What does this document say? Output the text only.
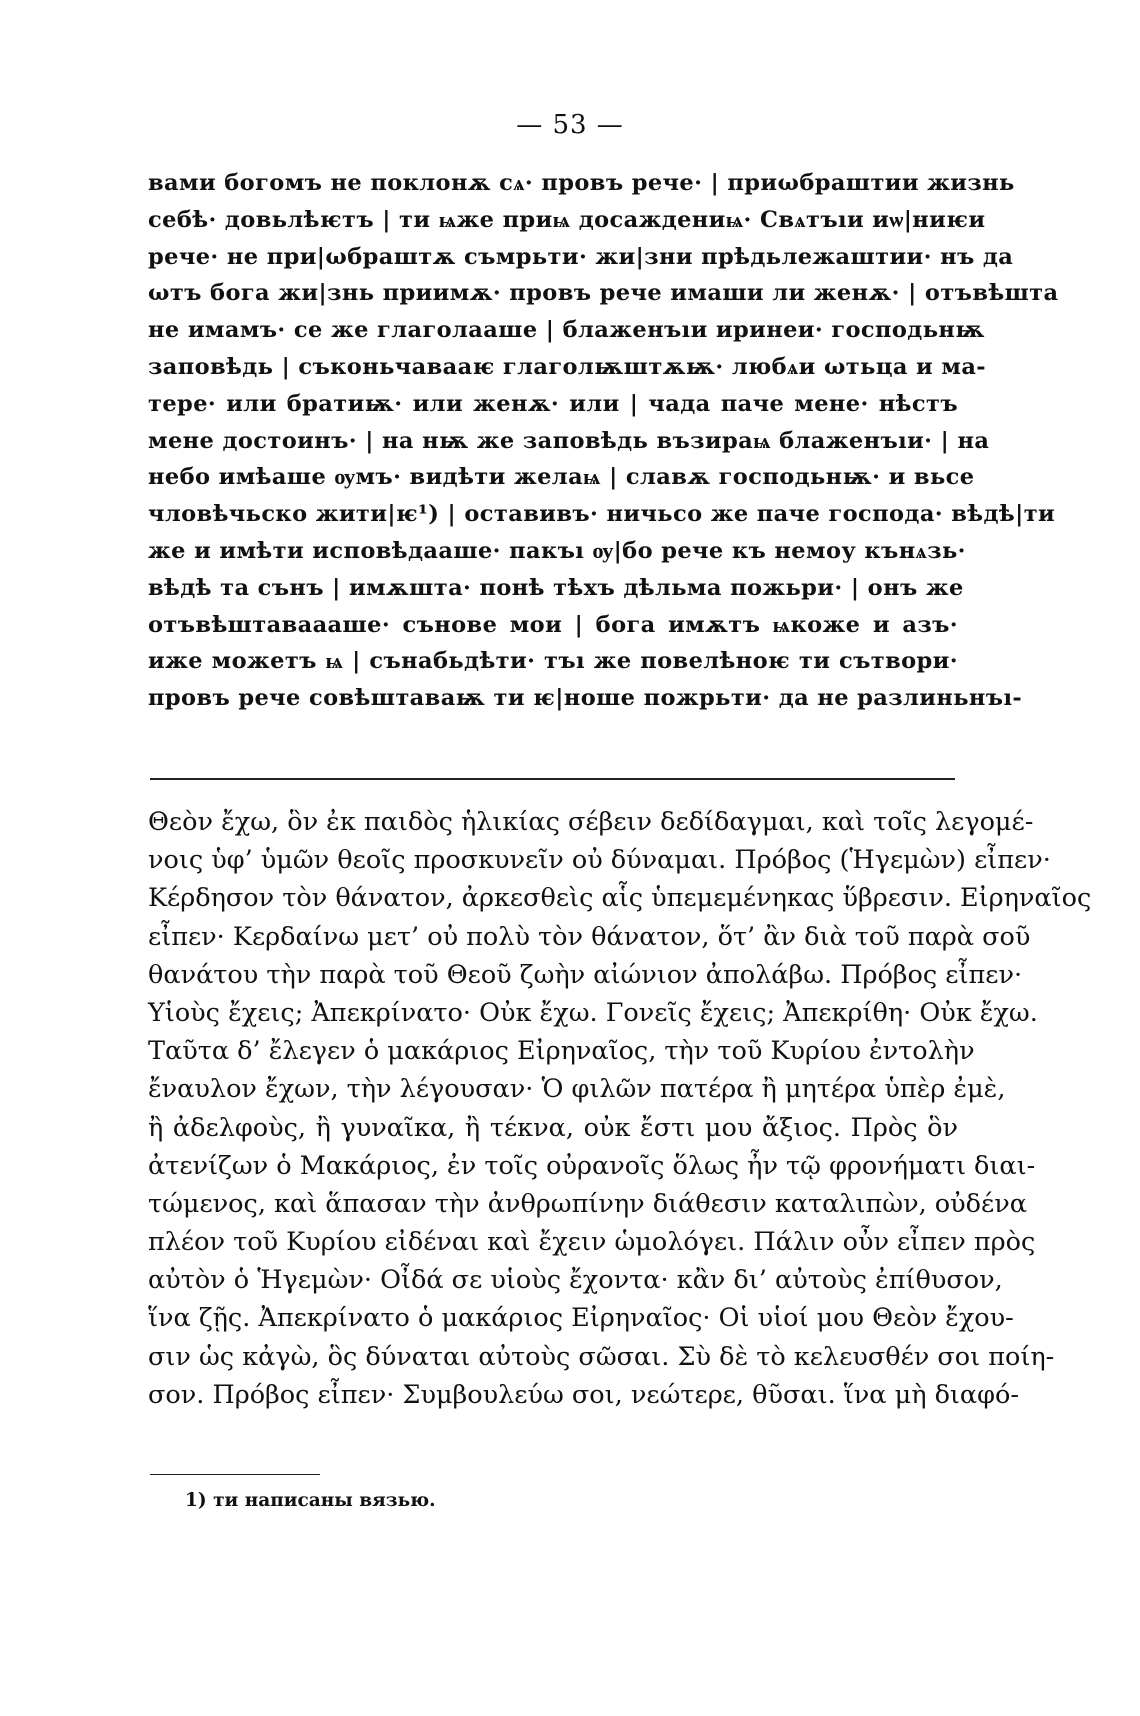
— 53 —
вами богомъ не поклонѫ сѧ· провъ рече· | приωбраштии жизнь
себѣ· довьлѣѥтъ | ти ѩже приѩ досаждениѩ· Свѧтъıи иѡ|ниѥи
рече· не при|ωбраштѫ съмрьти· жи|зни прѣдьлежаштии· нъ да
ωтъ бога жи|знь приимѫ· провъ рече имаши ли женѫ· | отъвѣшта
не имамъ· се же глаголааше | блаженъıи иринеи· господьнѭ
заповѣдь | съконьчавааѥ глаголѭштѫѭ· любѧи ωтьца и ма-
тере· или братиѭ· или женѫ· или | чада паче мене· нѣстъ
мене достоинъ· | на нѭ же заповѣдь възираѩ блаженъıи· | на
небо имѣаше ѹмъ· видѣти желаѩ | славѫ господьнѭ· и вьсе
чловѣчьско жити|ѥ¹) | оставивъ· ничьсо же паче господа· вѣдѣ|ти
же и имѣти исповѣдааше· пакъı ѹ|бо рече къ немоу кънѧзь·
вѣдѣ та сънъ | имѫшта· понѣ тѣхъ дѣльма пожьри· | онъ же
отъвѣштаваааше· сънове мои | бога имѫтъ ѩкоже и азъ·
иже можетъ ѩ | сънабьдѣти· тъı же повелѣноѥ ти сътвори·
провъ рече совѣштаваѭ ти ѥ|ноше пожрьти· да не разлиньнъı-
Θεὸν ἔχω, ὃν ἐκ παιδὸς ἡλικίας σέβειν δεδίδαγμαι, καὶ τοῖς λεγομέ-
νοις ὑφ’ ὑμῶν θεοῖς προσκυνεῖν οὐ δύναμαι. Πρόβος (Ἡγεμὼν) εἶπεν·
Κέρδησον τὸν θάνατον, ἀρκεσθεὶς αἷς ὑπεμεμένηκας ὕβρεσιν. Εἰρηναῖος
εἶπεν· Κερδαίνω μετ’ οὐ πολὺ τὸν θάνατον, ὅτ’ ἂν διὰ τοῦ παρὰ σοῦ
θανάτου τὴν παρὰ τοῦ Θεοῦ ζωὴν αἰώνιον ἀπολάβω. Πρόβος εἶπεν·
Υἱοὺς ἔχεις; Ἀπεκρίνατο· Οὐκ ἔχω. Γονεῖς ἔχεις; Ἀπεκρίθη· Οὐκ ἔχω.
Ταῦτα δ’ ἔλεγεν ὁ μακάριος Εἰρηναῖος, τὴν τοῦ Κυρίου ἐντολὴν
ἔναυλον ἔχων, τὴν λέγουσαν· Ὁ φιλῶν πατέρα ἢ μητέρα ὑπὲρ ἐμὲ,
ἢ ἀδελφοὺς, ἢ γυναῖκα, ἢ τέκνα, οὐκ ἔστι μου ἄξιος. Πρὸς ὃν
ἀτενίζων ὁ Μακάριος, ἐν τοῖς οὐρανοῖς ὅλως ἦν τῷ φρονήματι διαι-
τώμενος, καὶ ἅπασαν τὴν ἀνθρωπίνην διάθεσιν καταλιπὼν, οὐδένα
πλέον τοῦ Κυρίου εἰδέναι καὶ ἔχειν ὡμολόγει. Πάλιν οὖν εἶπεν πρὸς
αὐτὸν ὁ Ἡγεμὼν· Οἶδά σε υἱοὺς ἔχοντα· κἂν δι’ αὐτοὺς ἐπίθυσον,
ἵνα ζῇς. Ἀπεκρίνατο ὁ μακάριος Εἰρηναῖος· Οἱ υἱοί μου Θεὸν ἔχου-
σιν ὡς κἀγὼ, ὃς δύναται αὐτοὺς σῶσαι. Σὺ δὲ τὸ κελευσθέν σοι ποίη-
σον. Πρόβος εἶπεν· Συμβουλεύω σοι, νεώτερε, θῦσαι. ἵνα μὴ διαφό-
1) ти написаны вязью.
